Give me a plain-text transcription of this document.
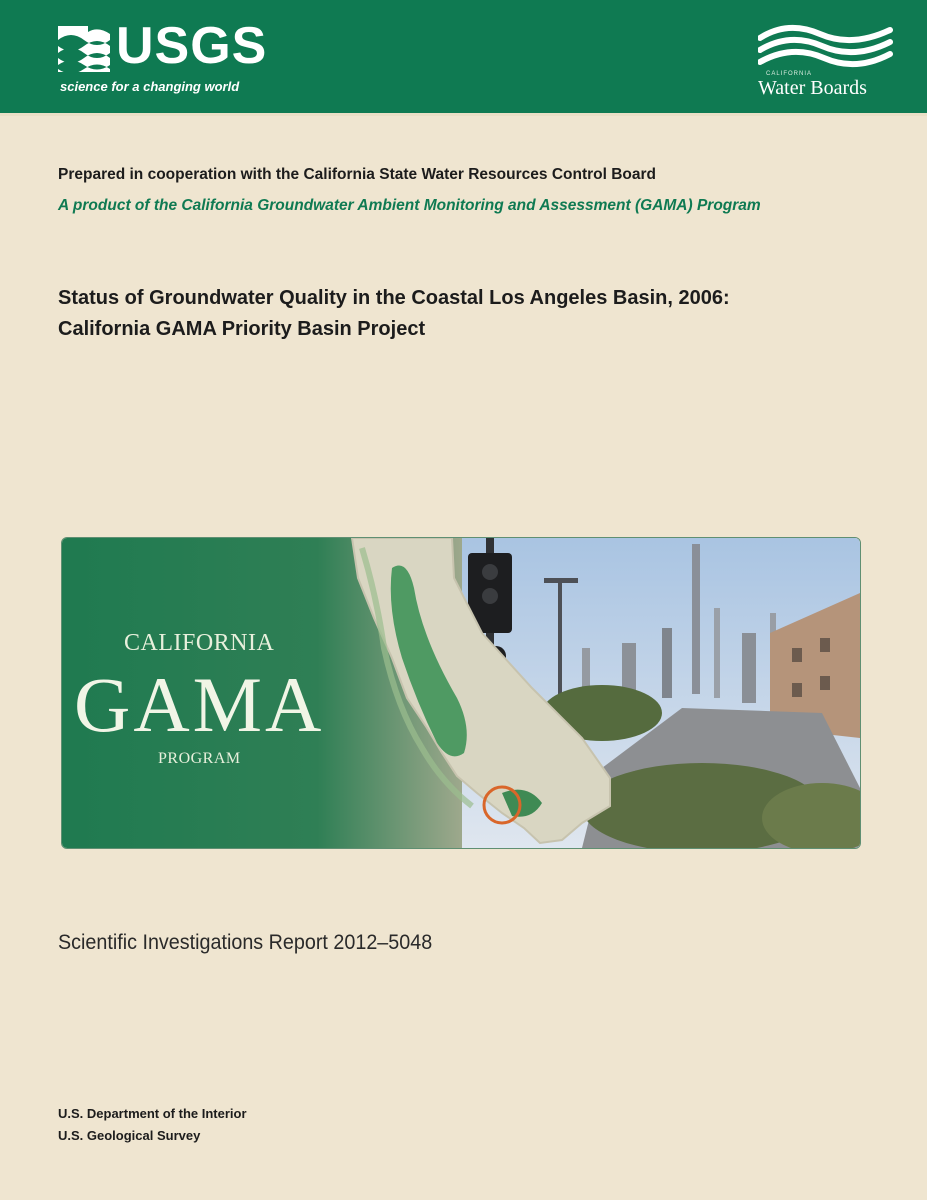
USGS
science for a changing world
CALIFORNIA
Water Boards
Prepared in cooperation with the California State Water Resources Control Board
A product of the California Groundwater Ambient Monitoring and Assessment (GAMA) Program
Status of Groundwater Quality in the Coastal Los Angeles Basin, 2006:
California GAMA Priority Basin Project
CALIFORNIA
GAMA
PROGRAM
Scientific Investigations Report 2012–5048
U.S. Department of the Interior
U.S. Geological Survey
